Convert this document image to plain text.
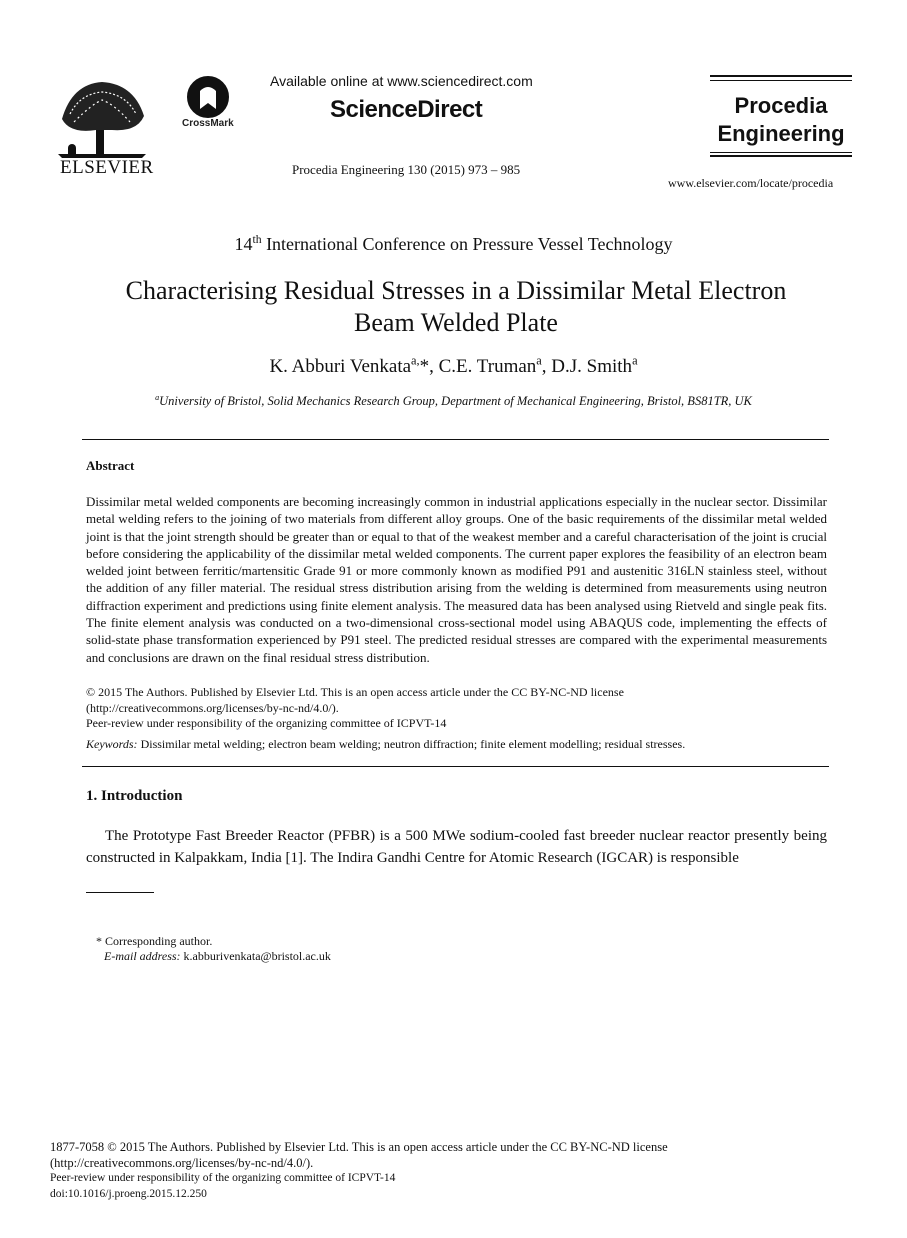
ELSEVIER
CrossMark
Available online at www.sciencedirect.com
ScienceDirect
Procedia Engineering 130 (2015) 973 – 985
Procedia
Engineering
www.elsevier.com/locate/procedia
14th International Conference on Pressure Vessel Technology
Characterising Residual Stresses in a Dissimilar Metal Electron
Beam Welded Plate
K. Abburi Venkata$^{a,}$*, C.E. Truman$^a$, D.J. Smith$^a$
$^a$University of Bristol, Solid Mechanics Research Group, Department of Mechanical Engineering, Bristol, BS81TR, UK
Abstract
Dissimilar metal welded components are becoming increasingly common in industrial applications especially in the nuclear sector. Dissimilar metal welding refers to the joining of two materials from different alloy groups. One of the basic requirements of the dissimilar metal welded joint is that the joint strength should be greater than or equal to that of the weakest member and a careful characterisation of the joint is crucial before considering the applicability of the dissimilar metal welded components. The current paper explores the feasibility of an electron beam welded joint between ferritic/martensitic Grade 91 or more commonly known as modified P91 and austenitic 316LN stainless steel, without the addition of any filler material. The residual stress distribution arising from the welding is determined from measurements using neutron diffraction experiment and predictions using finite element analysis. The measured data has been analysed using Rietveld and single peak fits. The finite element analysis was conducted on a two-dimensional cross-sectional model using ABAQUS code, implementing the effects of solid-state phase transformation experienced by P91 steel. The predicted residual stresses are compared with the experimental measurements and conclusions are drawn on the final residual stress distribution.
© 2015 The Authors. Published by Elsevier Ltd. This is an open access article under the CC BY-NC-ND license
(http://creativecommons.org/licenses/by-nc-nd/4.0/).
Peer-review under responsibility of the organizing committee of ICPVT-14
Keywords: Dissimilar metal welding; electron beam welding; neutron diffraction; finite element modelling; residual stresses.
1. Introduction
The Prototype Fast Breeder Reactor (PFBR) is a 500 MWe sodium-cooled fast breeder nuclear reactor presently being constructed in Kalpakkam, India [1]. The Indira Gandhi Centre for Atomic Research (IGCAR) is responsible
* Corresponding author.
E-mail address: k.abburivenkata@bristol.ac.uk
1877-7058 © 2015 The Authors. Published by Elsevier Ltd. This is an open access article under the CC BY-NC-ND license
(http://creativecommons.org/licenses/by-nc-nd/4.0/).
Peer-review under responsibility of the organizing committee of ICPVT-14
doi:10.1016/j.proeng.2015.12.250
